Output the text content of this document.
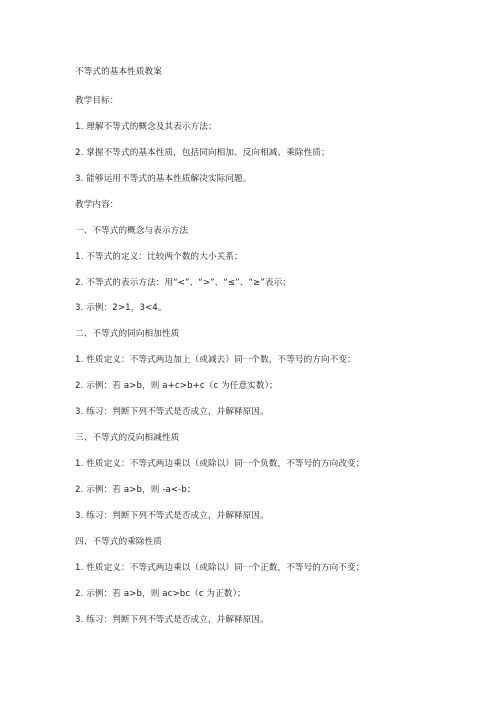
不等式的基本性质教案
教学目标：
1. 理解不等式的概念及其表示方法；
2. 掌握不等式的基本性质，包括同向相加、反向相减、乘除性质；
3. 能够运用不等式的基本性质解决实际问题。
教学内容：
一、不等式的概念与表示方法
1. 不等式的定义：比较两个数的大小关系；
2. 不等式的表示方法：用“<”、“>”、“≤”、“≥”表示；
3. 示例：2>1，3<4。
二、不等式的同向相加性质
1. 性质定义：不等式两边加上（或减去）同一个数，不等号的方向不变；
2. 示例：若 a>b，则 a+c>b+c（c 为任意实数）；
3. 练习：判断下列不等式是否成立，并解释原因。
三、不等式的反向相减性质
1. 性质定义：不等式两边乘以（或除以）同一个负数，不等号的方向改变；
2. 示例：若 a>b，则 -a<-b；
3. 练习：判断下列不等式是否成立，并解释原因。
四、不等式的乘除性质
1. 性质定义：不等式两边乘以（或除以）同一个正数，不等号的方向不变；
2. 示例：若 a>b，则 ac>bc（c 为正数）；
3. 练习：判断下列不等式是否成立，并解释原因。
